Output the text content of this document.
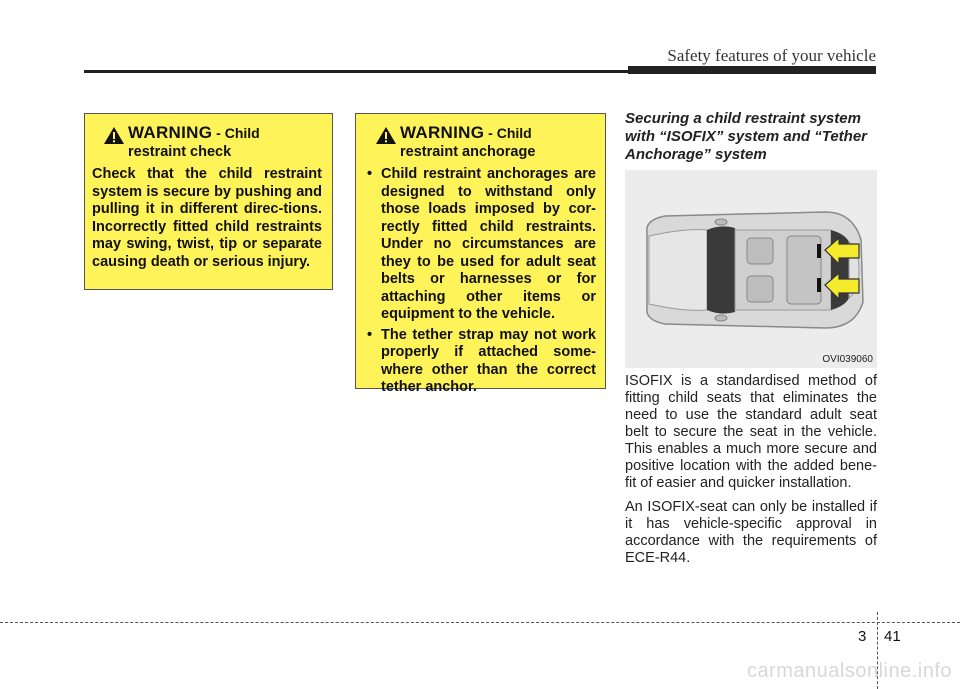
Safety features of your vehicle
WARNING - Child
restraint check
Check that the child restraint system is secure by pushing and pulling it in different direc-tions. Incorrectly fitted child restraints may swing, twist, tip or separate causing death or serious injury.
WARNING - Child
restraint anchorage
• Child restraint anchorages are designed to withstand only those loads imposed by cor-rectly fitted child restraints. Under no circumstances are they to be used for adult seat belts or harnesses or for attaching other items or equipment to the vehicle.
• The tether strap may not work properly if attached some-where other than the correct tether anchor.
Securing a child restraint system with “ISOFIX” system and “Tether Anchorage” system
OVI039060

ISOFIX is a standardised method of fitting child seats that eliminates the need to use the standard adult seat belt to secure the seat in the vehicle. This enables a much more secure and positive location with the added bene-fit of easier and quicker installation.

An ISOFIX-seat can only be installed if it has vehicle-specific approval in accordance with the requirements of ECE-R44.

3 41
carmanualsonline.info
